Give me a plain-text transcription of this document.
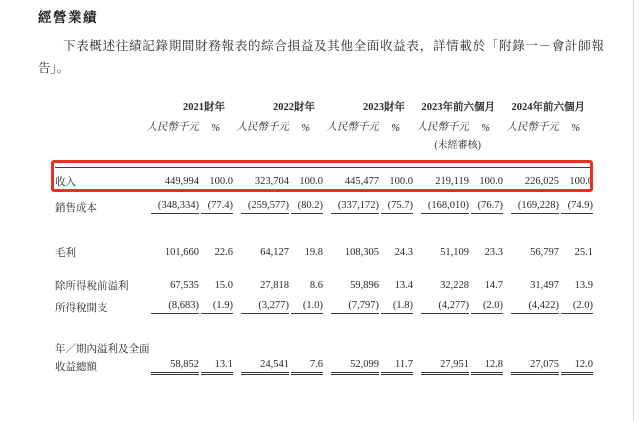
經營業績

下表概述往績記錄期間財務報表的綜合損益及其他全面收益表，詳情載於「附錄一－會計師報告」。

	2021財年		2022財年		2023財年		2023年前六個月		2024年前六個月	
	人民幣千元	%	人民幣千元	%	人民幣千元	%	人民幣千元	%	人民幣千元	%
							(未經審核)			

收入	449,994	100.0	323,704	100.0	445,477	100.0	219,119	100.0	226,025	100.0
銷售成本	(348,334)	(77.4)	(259,577)	(80.2)	(337,172)	(75.7)	(168,010)	(76.7)	(169,228)	(74.9)

毛利	101,660	22.6	64,127	19.8	108,305	24.3	51,109	23.3	56,797	25.1

除所得稅前溢利	67,535	15.0	27,818	8.6	59,896	13.4	32,228	14.7	31,497	13.9
所得稅開支	(8,683)	(1.9)	(3,277)	(1.0)	(7,797)	(1.8)	(4,277)	(2.0)	(4,422)	(2.0)

年／期內溢利及全面										
收益總額	58,852	13.1	24,541	7.6	52,099	11.7	27,951	12.8	27,075	12.0
